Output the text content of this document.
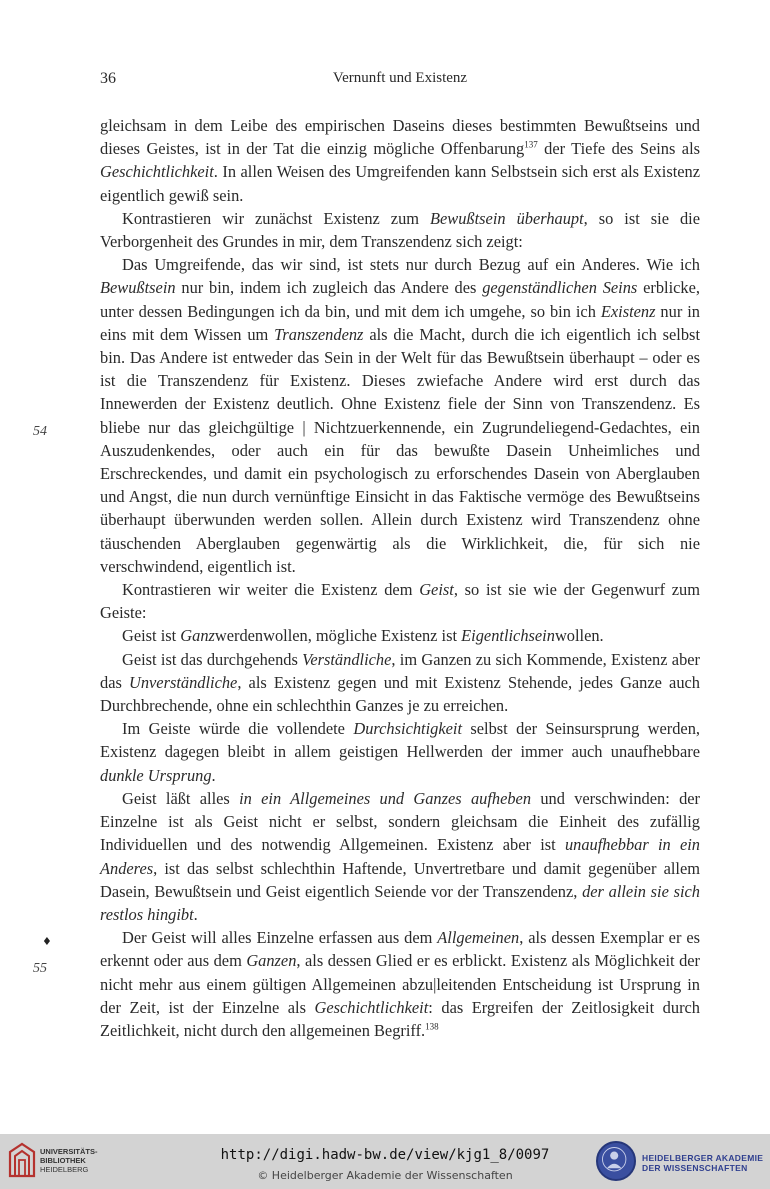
36	Vernunft und Existenz
54
♦
55

gleichsam in dem Leibe des empirischen Daseins dieses bestimmten Bewußtseins und dieses Geistes, ist in der Tat die einzig mögliche Offenbarung$^{137}$ der Tiefe des Seins als Geschichtlichkeit. In allen Weisen des Umgreifenden kann Selbstsein sich erst als Existenz eigentlich gewiß sein.

Kontrastieren wir zunächst Existenz zum Bewußtsein überhaupt, so ist sie die Verborgenheit des Grundes in mir, dem Transzendenz sich zeigt:

Das Umgreifende, das wir sind, ist stets nur durch Bezug auf ein Anderes. Wie ich Bewußtsein nur bin, indem ich zugleich das Andere des gegenständlichen Seins erblicke, unter dessen Bedingungen ich da bin, und mit dem ich umgehe, so bin ich Existenz nur in eins mit dem Wissen um Transzendenz als die Macht, durch die ich eigentlich ich selbst bin. Das Andere ist entweder das Sein in der Welt für das Bewußtsein überhaupt – oder es ist die Transzendenz für Existenz. Dieses zwiefache Andere wird erst durch das Innewerden der Existenz deutlich. Ohne Existenz fiele der Sinn von Transzendenz. Es bliebe nur das gleichgültige | Nichtzuerkennende, ein Zugrundeliegend-Gedachtes, ein Auszudenkendes, oder auch ein für das bewußte Dasein Unheimliches und Erschreckendes, und damit ein psychologisch zu erforschendes Dasein von Aberglauben und Angst, die nun durch vernünftige Einsicht in das Faktische vermöge des Bewußtseins überhaupt überwunden werden sollen. Allein durch Existenz wird Transzendenz ohne täuschenden Aberglauben gegenwärtig als die Wirklichkeit, die, für sich nie verschwindend, eigentlich ist.

Kontrastieren wir weiter die Existenz dem Geist, so ist sie wie der Gegenwurf zum Geiste:

Geist ist Ganzwerdenwollen, mögliche Existenz ist Eigentlichseinwollen.

Geist ist das durchgehends Verständliche, im Ganzen zu sich Kommende, Existenz aber das Unverständliche, als Existenz gegen und mit Existenz Stehende, jedes Ganze auch Durchbrechende, ohne ein schlechthin Ganzes je zu erreichen.

Im Geiste würde die vollendete Durchsichtigkeit selbst der Seinsursprung werden, Existenz dagegen bleibt in allem geistigen Hellwerden der immer auch unaufhebbare dunkle Ursprung.

Geist läßt alles in ein Allgemeines und Ganzes aufheben und verschwinden: der Einzelne ist als Geist nicht er selbst, sondern gleichsam die Einheit des zufällig Individuellen und des notwendig Allgemeinen. Existenz aber ist unaufhebbar in ein Anderes, ist das selbst schlechthin Haftende, Unvertretbare und damit gegenüber allem Dasein, Bewußtsein und Geist eigentlich Seiende vor der Transzendenz, der allein sie sich restlos hingibt.

Der Geist will alles Einzelne erfassen aus dem Allgemeinen, als dessen Exemplar er es erkennt oder aus dem Ganzen, als dessen Glied er es erblickt. Existenz als Möglichkeit der nicht mehr aus einem gültigen Allgemeinen abzu|leitenden Entscheidung ist Ursprung in der Zeit, ist der Einzelne als Geschichtlichkeit: das Ergreifen der Zeitlosigkeit durch Zeitlichkeit, nicht durch den allgemeinen Begriff.$^{138}$

UNIVERSITÄTS-
BIBLIOTHEK
HEIDELBERG
http://digi.hadw-bw.de/view/kjg1_8/0097
© Heidelberger Akademie der Wissenschaften
HEIDELBERGER AKADEMIE
DER WISSENSCHAFTEN
